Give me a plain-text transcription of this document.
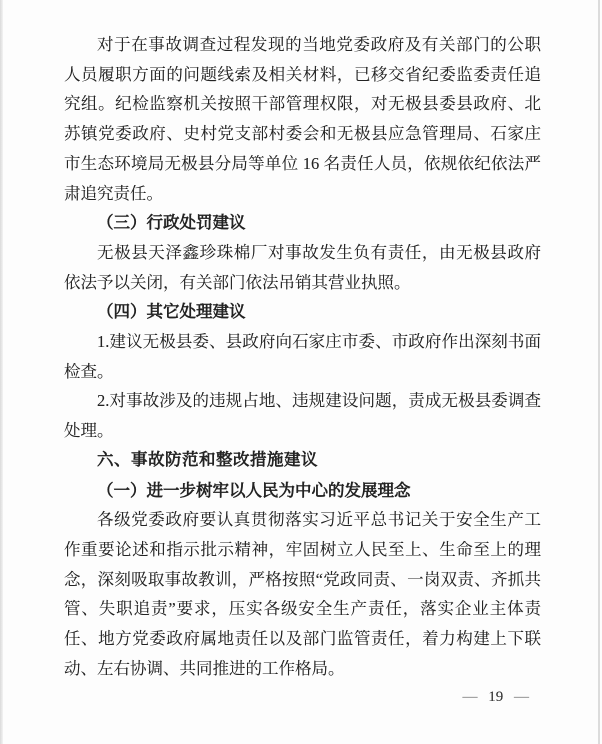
对于在事故调查过程发现的当地党委政府及有关部门的公职人员履职方面的问题线索及相关材料，已移交省纪委监委责任追究组。纪检监察机关按照干部管理权限，对无极县委县政府、北苏镇党委政府、史村党支部村委会和无极县应急管理局、石家庄市生态环境局无极县分局等单位 16 名责任人员，依规依纪依法严肃追究责任。

（三）行政处罚建议

无极县天泽鑫珍珠棉厂对事故发生负有责任，由无极县政府依法予以关闭，有关部门依法吊销其营业执照。

（四）其它处理建议

1.建议无极县委、县政府向石家庄市委、市政府作出深刻书面检查。

2.对事故涉及的违规占地、违规建设问题，责成无极县委调查处理。

六、事故防范和整改措施建议

（一）进一步树牢以人民为中心的发展理念

各级党委政府要认真贯彻落实习近平总书记关于安全生产工作重要论述和指示批示精神，牢固树立人民至上、生命至上的理念，深刻吸取事故教训，严格按照“党政同责、一岗双责、齐抓共管、失职追责”要求，压实各级安全生产责任，落实企业主体责任、地方党委政府属地责任以及部门监管责任，着力构建上下联动、左右协调、共同推进的工作格局。

— 19 —
